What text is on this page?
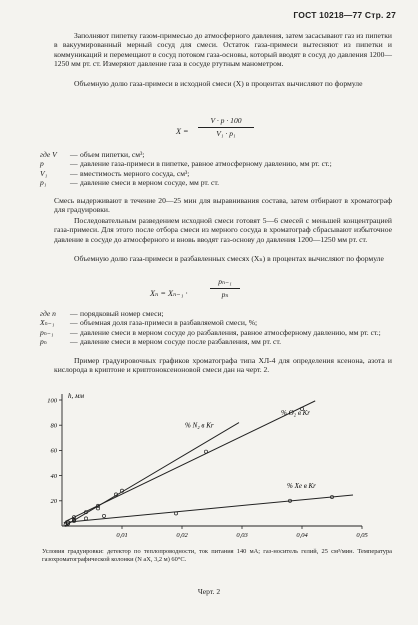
ГОСТ 10218—77 Стр. 27

Заполняют пипетку газом-примесью до атмосферного давления, затем засасывают газ из пипетки в вакуумированный мерный сосуд для смеси. Остаток газа-примеси вытесняют из пипетки и коммуникаций и перемещают в сосуд потоком газа-основы, который вводят в сосуд до давления 1200—1250 мм рт. ст. Измеряют давление газа в сосуде ртутным манометром.

Объемную долю газа-примеси в исходной смеси (X) в процентах вычисляют по формуле

X =
V · p · 100
V₁ · p₁
где V	— объем пипетки, см³;
p	— давление газа-примеси в пипетке, равное атмосферному давлению, мм рт. ст.;
V₁	— вместимость мерного сосуда, см³;
p₁	— давление смеси в мерном сосуде, мм рт. ст.

Смесь выдерживают в течение 20—25 мин для выравнивания состава, затем отбирают в хроматограф для градуировки.

Последовательным разведением исходной смеси готовят 5—6 смесей с меньшей концентрацией газа-примеси. Для этого после отбора смеси из мерного сосуда в хроматограф сбрасывают избыточное давление в сосуде до атмосферного и вновь вводят газ-основу до давления 1200—1250 мм рт. ст.

Объемную долю газа-примеси в разбавленных смесях (Xₙ) в процентах вычисляют по формуле

Xₙ = Xₙ₋₁ ·
pₙ₋₁
pₙ
где n	— порядковый номер смеси;
Xₙ₋₁	— объемная доля газа-примеси в разбавляемой смеси, %;
pₙ₋₁	— давление смеси в мерном сосуде до разбавления, равное атмосферному давлению, мм рт. ст.;
pₙ	— давление смеси в мерном сосуде после разбавления, мм рт. ст.

Пример градуировочных графиков хроматографа типа ХЛ-4 для определения ксенона, азота и кислорода в криптоне и криптоноксеноновой смеси дан на черт. 2.

h, мм
0,01	0,02	0,03	0,04	0,05
20
40
60
80
100
% O₂ в Кr
% N₂ в Кr
% Xe в Кr
Условия градуировки: детектор по теплопроводности, ток питания 140 мА; газ-носитель гелий, 25 см³/мин. Температура газохроматографической колонки (N аХ, 3,2 м) 60°С.
Черт. 2
